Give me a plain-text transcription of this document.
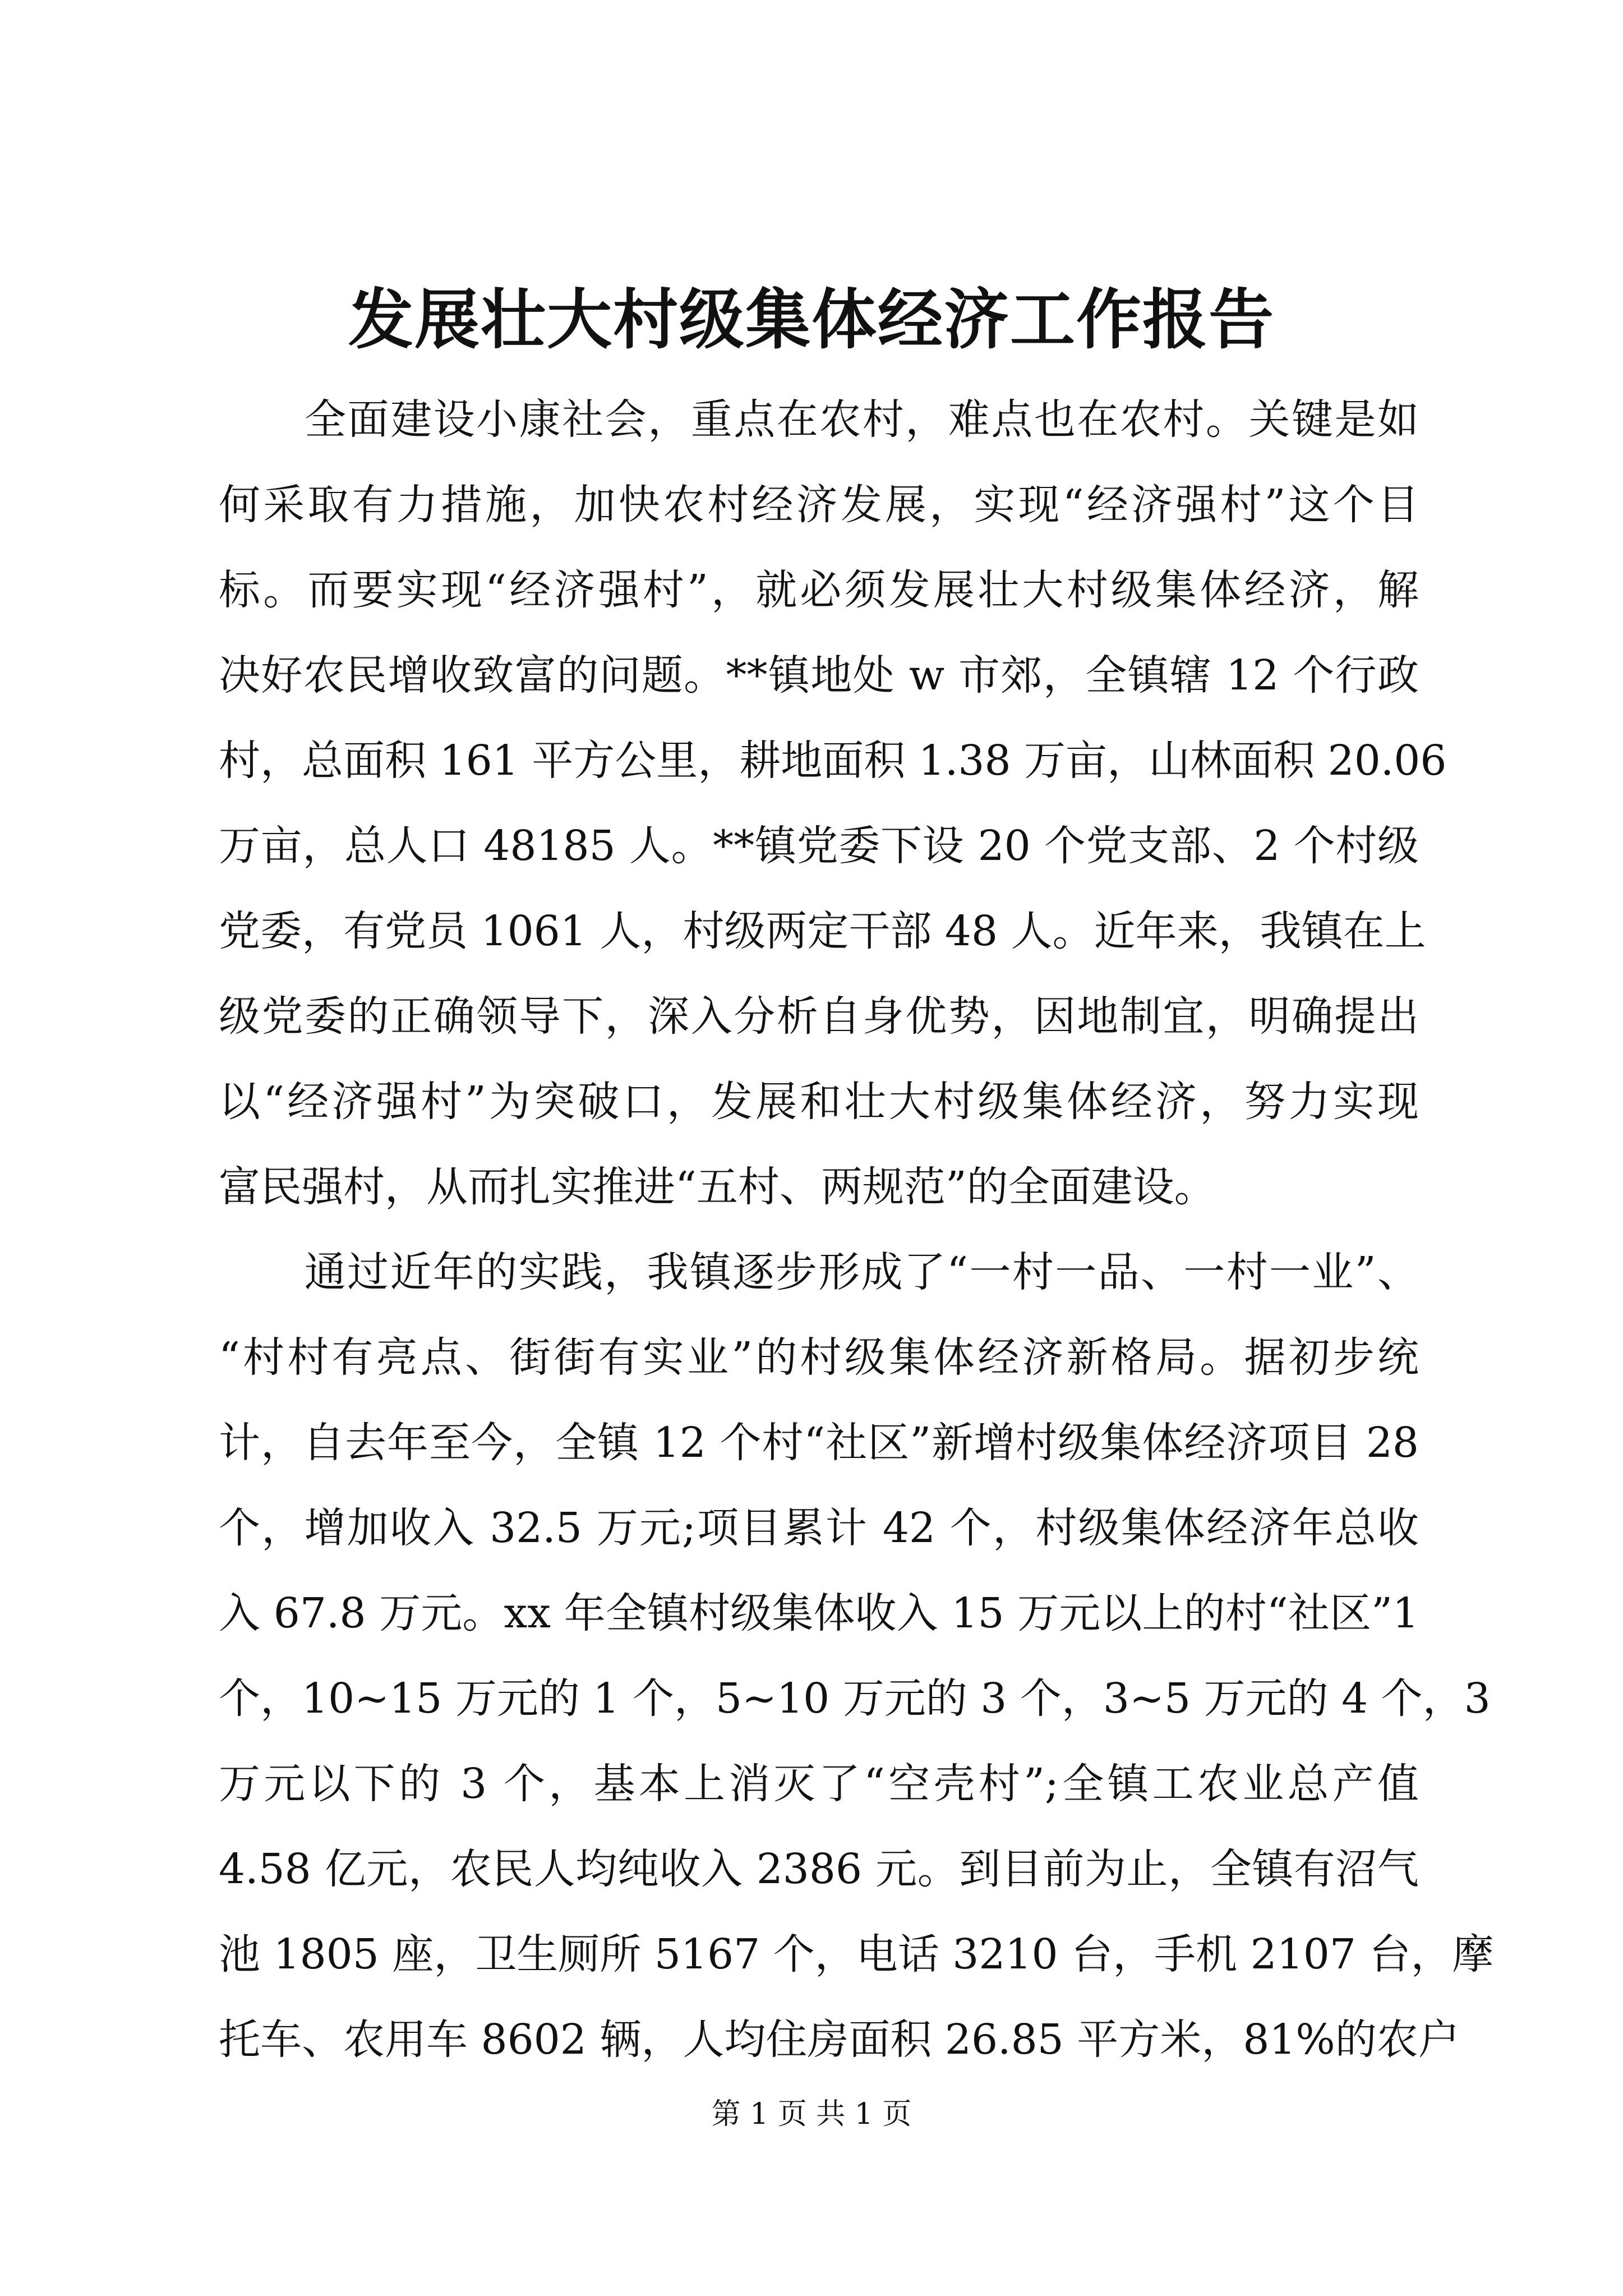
发展壮大村级集体经济工作报告
　　全面建设小康社会，重点在农村，难点也在农村。关键是如
何采取有力措施，加快农村经济发展，实现“经济强村”这个目
标。而要实现“经济强村”，就必须发展壮大村级集体经济，解
决好农民增收致富的问题。**镇地处 w 市郊，全镇辖 12 个行政
村，总面积 161 平方公里，耕地面积 1.38 万亩，山林面积 20.06
万亩，总人口 48185 人。**镇党委下设 20 个党支部、2 个村级
党委，有党员 1061 人，村级两定干部 48 人。近年来，我镇在上
级党委的正确领导下，深入分析自身优势，因地制宜，明确提出
以“经济强村”为突破口，发展和壮大村级集体经济，努力实现
富民强村，从而扎实推进“五村、两规范”的全面建设。
　　通过近年的实践，我镇逐步形成了“一村一品、一村一业”、
“村村有亮点、街街有实业”的村级集体经济新格局。据初步统
计，自去年至今，全镇 12 个村“社区”新增村级集体经济项目 28
个，增加收入 32.5 万元;项目累计 42 个，村级集体经济年总收
入 67.8 万元。xx 年全镇村级集体收入 15 万元以上的村“社区”1
个，10~15 万元的 1 个，5~10 万元的 3 个，3~5 万元的 4 个，3
万元以下的 3 个，基本上消灭了“空壳村”;全镇工农业总产值
4.58 亿元，农民人均纯收入 2386 元。到目前为止，全镇有沼气
池 1805 座，卫生厕所 5167 个，电话 3210 台，手机 2107 台，摩
托车、农用车 8602 辆，人均住房面积 26.85 平方米，81%的农户
第 1 页 共 1 页
